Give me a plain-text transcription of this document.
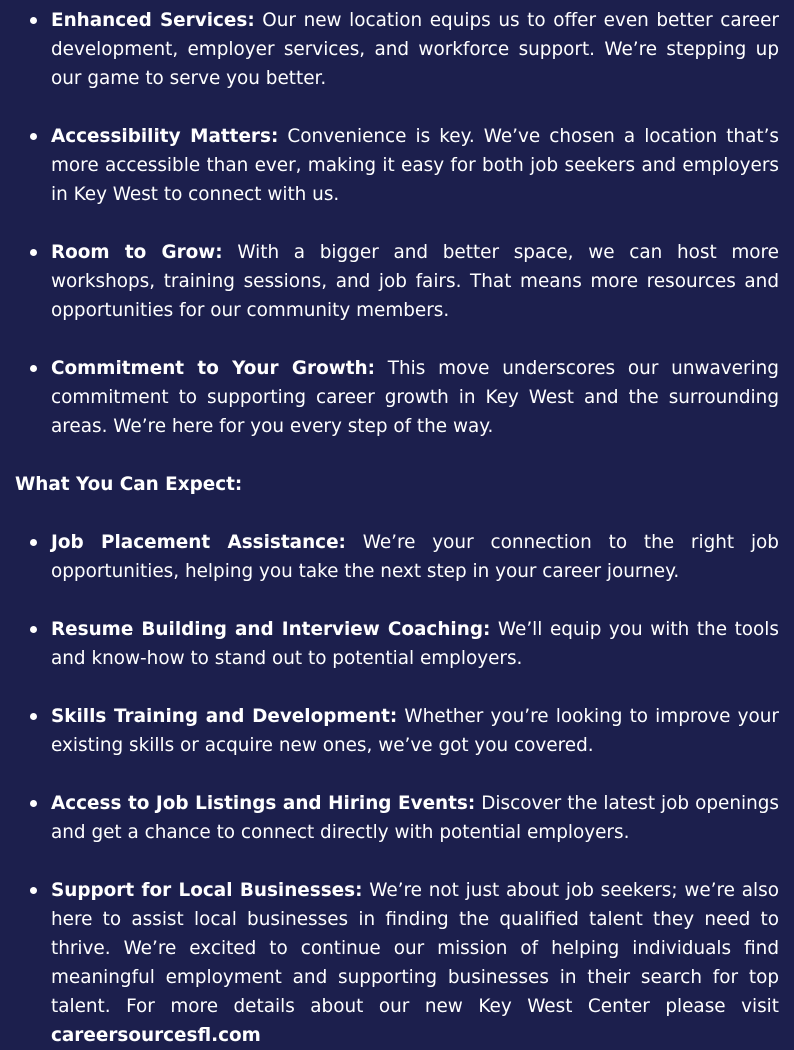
Enhanced Services: Our new location equips us to offer even better career development, employer services, and workforce support. We’re stepping up our game to serve you better.
Accessibility Matters: Convenience is key. We’ve chosen a location that’s more accessible than ever, making it easy for both job seekers and employers in Key West to connect with us.
Room to Grow: With a bigger and better space, we can host more workshops, training sessions, and job fairs. That means more resources and opportunities for our community members.
Commitment to Your Growth: This move underscores our unwavering commitment to supporting career growth in Key West and the surrounding areas. We’re here for you every step of the way.
What You Can Expect:
Job Placement Assistance: We’re your connection to the right job opportunities, helping you take the next step in your career journey.
Resume Building and Interview Coaching: We’ll equip you with the tools and know-how to stand out to potential employers.
Skills Training and Development: Whether you’re looking to improve your existing skills or acquire new ones, we’ve got you covered.
Access to Job Listings and Hiring Events: Discover the latest job openings and get a chance to connect directly with potential employers.
Support for Local Businesses: We’re not just about job seekers; we’re also here to assist local businesses in finding the qualified talent they need to thrive. We’re excited to continue our mission of helping individuals find meaningful employment and supporting businesses in their search for top talent. For more details about our new Key West Center please visit careersourcesfl.com
